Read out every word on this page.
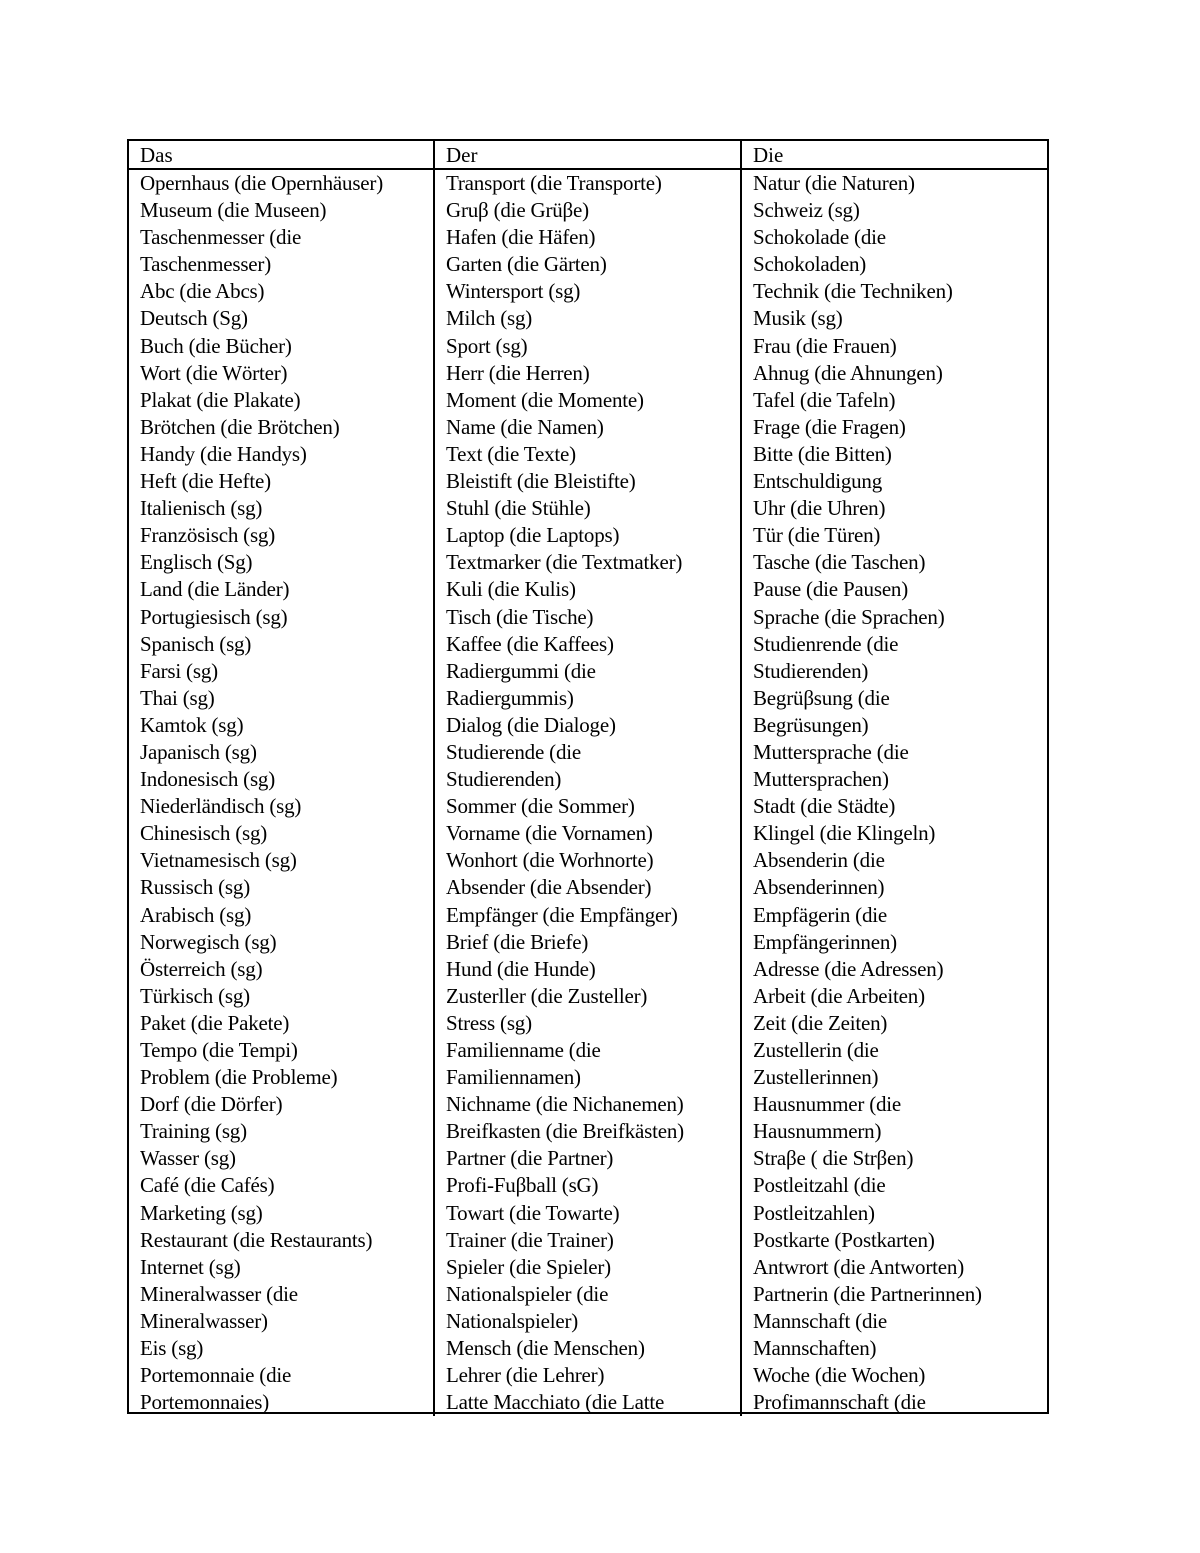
Das	Der	Die
Opernhaus (die Opernhäuser)
Museum (die Museen)
Taschenmesser (die
Taschenmesser)
Abc (die Abcs)
Deutsch (Sg)
Buch (die Bücher)
Wort (die Wörter)
Plakat (die Plakate)
Brötchen (die Brötchen)
Handy (die Handys)
Heft (die Hefte)
Italienisch (sg)
Französisch (sg)
Englisch (Sg)
Land (die Länder)
Portugiesisch (sg)
Spanisch (sg)
Farsi (sg)
Thai (sg)
Kamtok (sg)
Japanisch (sg)
Indonesisch (sg)
Niederländisch (sg)
Chinesisch (sg)
Vietnamesisch (sg)
Russisch (sg)
Arabisch (sg)
Norwegisch (sg)
Österreich (sg)
Türkisch (sg)
Paket (die Pakete)
Tempo (die Tempi)
Problem (die Probleme)
Dorf (die Dörfer)
Training (sg)
Wasser (sg)
Café (die Cafés)
Marketing (sg)
Restaurant (die Restaurants)
Internet (sg)
Mineralwasser (die
Mineralwasser)
Eis (sg)
Portemonnaie (die
Portemonnaies)
Transport (die Transporte)
Gruβ (die Grüβe)
Hafen (die Häfen)
Garten (die Gärten)
Wintersport (sg)
Milch (sg)
Sport (sg)
Herr (die Herren)
Moment (die Momente)
Name (die Namen)
Text (die Texte)
Bleistift (die Bleistifte)
Stuhl (die Stühle)
Laptop (die Laptops)
Textmarker (die Textmatker)
Kuli (die Kulis)
Tisch (die Tische)
Kaffee (die Kaffees)
Radiergummi (die
Radiergummis)
Dialog (die Dialoge)
Studierende (die
Studierenden)
Sommer (die Sommer)
Vorname (die Vornamen)
Wonhort (die Worhnorte)
Absender (die Absender)
Empfänger (die Empfänger)
Brief (die Briefe)
Hund (die Hunde)
Zusterller (die Zusteller)
Stress (sg)
Familienname (die
Familiennamen)
Nichname (die Nichanemen)
Breifkasten (die Breifkästen)
Partner (die Partner)
Profi-Fuβball (sG)
Towart (die Towarte)
Trainer (die Trainer)
Spieler (die Spieler)
Nationalspieler (die
Nationalspieler)
Mensch (die Menschen)
Lehrer (die Lehrer)
Latte Macchiato (die Latte
Natur (die Naturen)
Schweiz (sg)
Schokolade (die
Schokoladen)
Technik (die Techniken)
Musik (sg)
Frau (die Frauen)
Ahnug (die Ahnungen)
Tafel (die Tafeln)
Frage (die Fragen)
Bitte (die Bitten)
Entschuldigung
Uhr (die Uhren)
Tür (die Türen)
Tasche (die Taschen)
Pause (die Pausen)
Sprache (die Sprachen)
Studienrende (die
Studierenden)
Begrüβsung (die
Begrüsungen)
Muttersprache (die
Muttersprachen)
Stadt (die Städte)
Klingel (die Klingeln)
Absenderin (die
Absenderinnen)
Empfägerin (die
Empfängerinnen)
Adresse (die Adressen)
Arbeit (die Arbeiten)
Zeit (die Zeiten)
Zustellerin (die
Zustellerinnen)
Hausnummer (die
Hausnummern)
Straβe ( die Strβen)
Postleitzahl (die
Postleitzahlen)
Postkarte (Postkarten)
Antwrort (die Antworten)
Partnerin (die Partnerinnen)
Mannschaft (die
Mannschaften)
Woche (die Wochen)
Profimannschaft (die
